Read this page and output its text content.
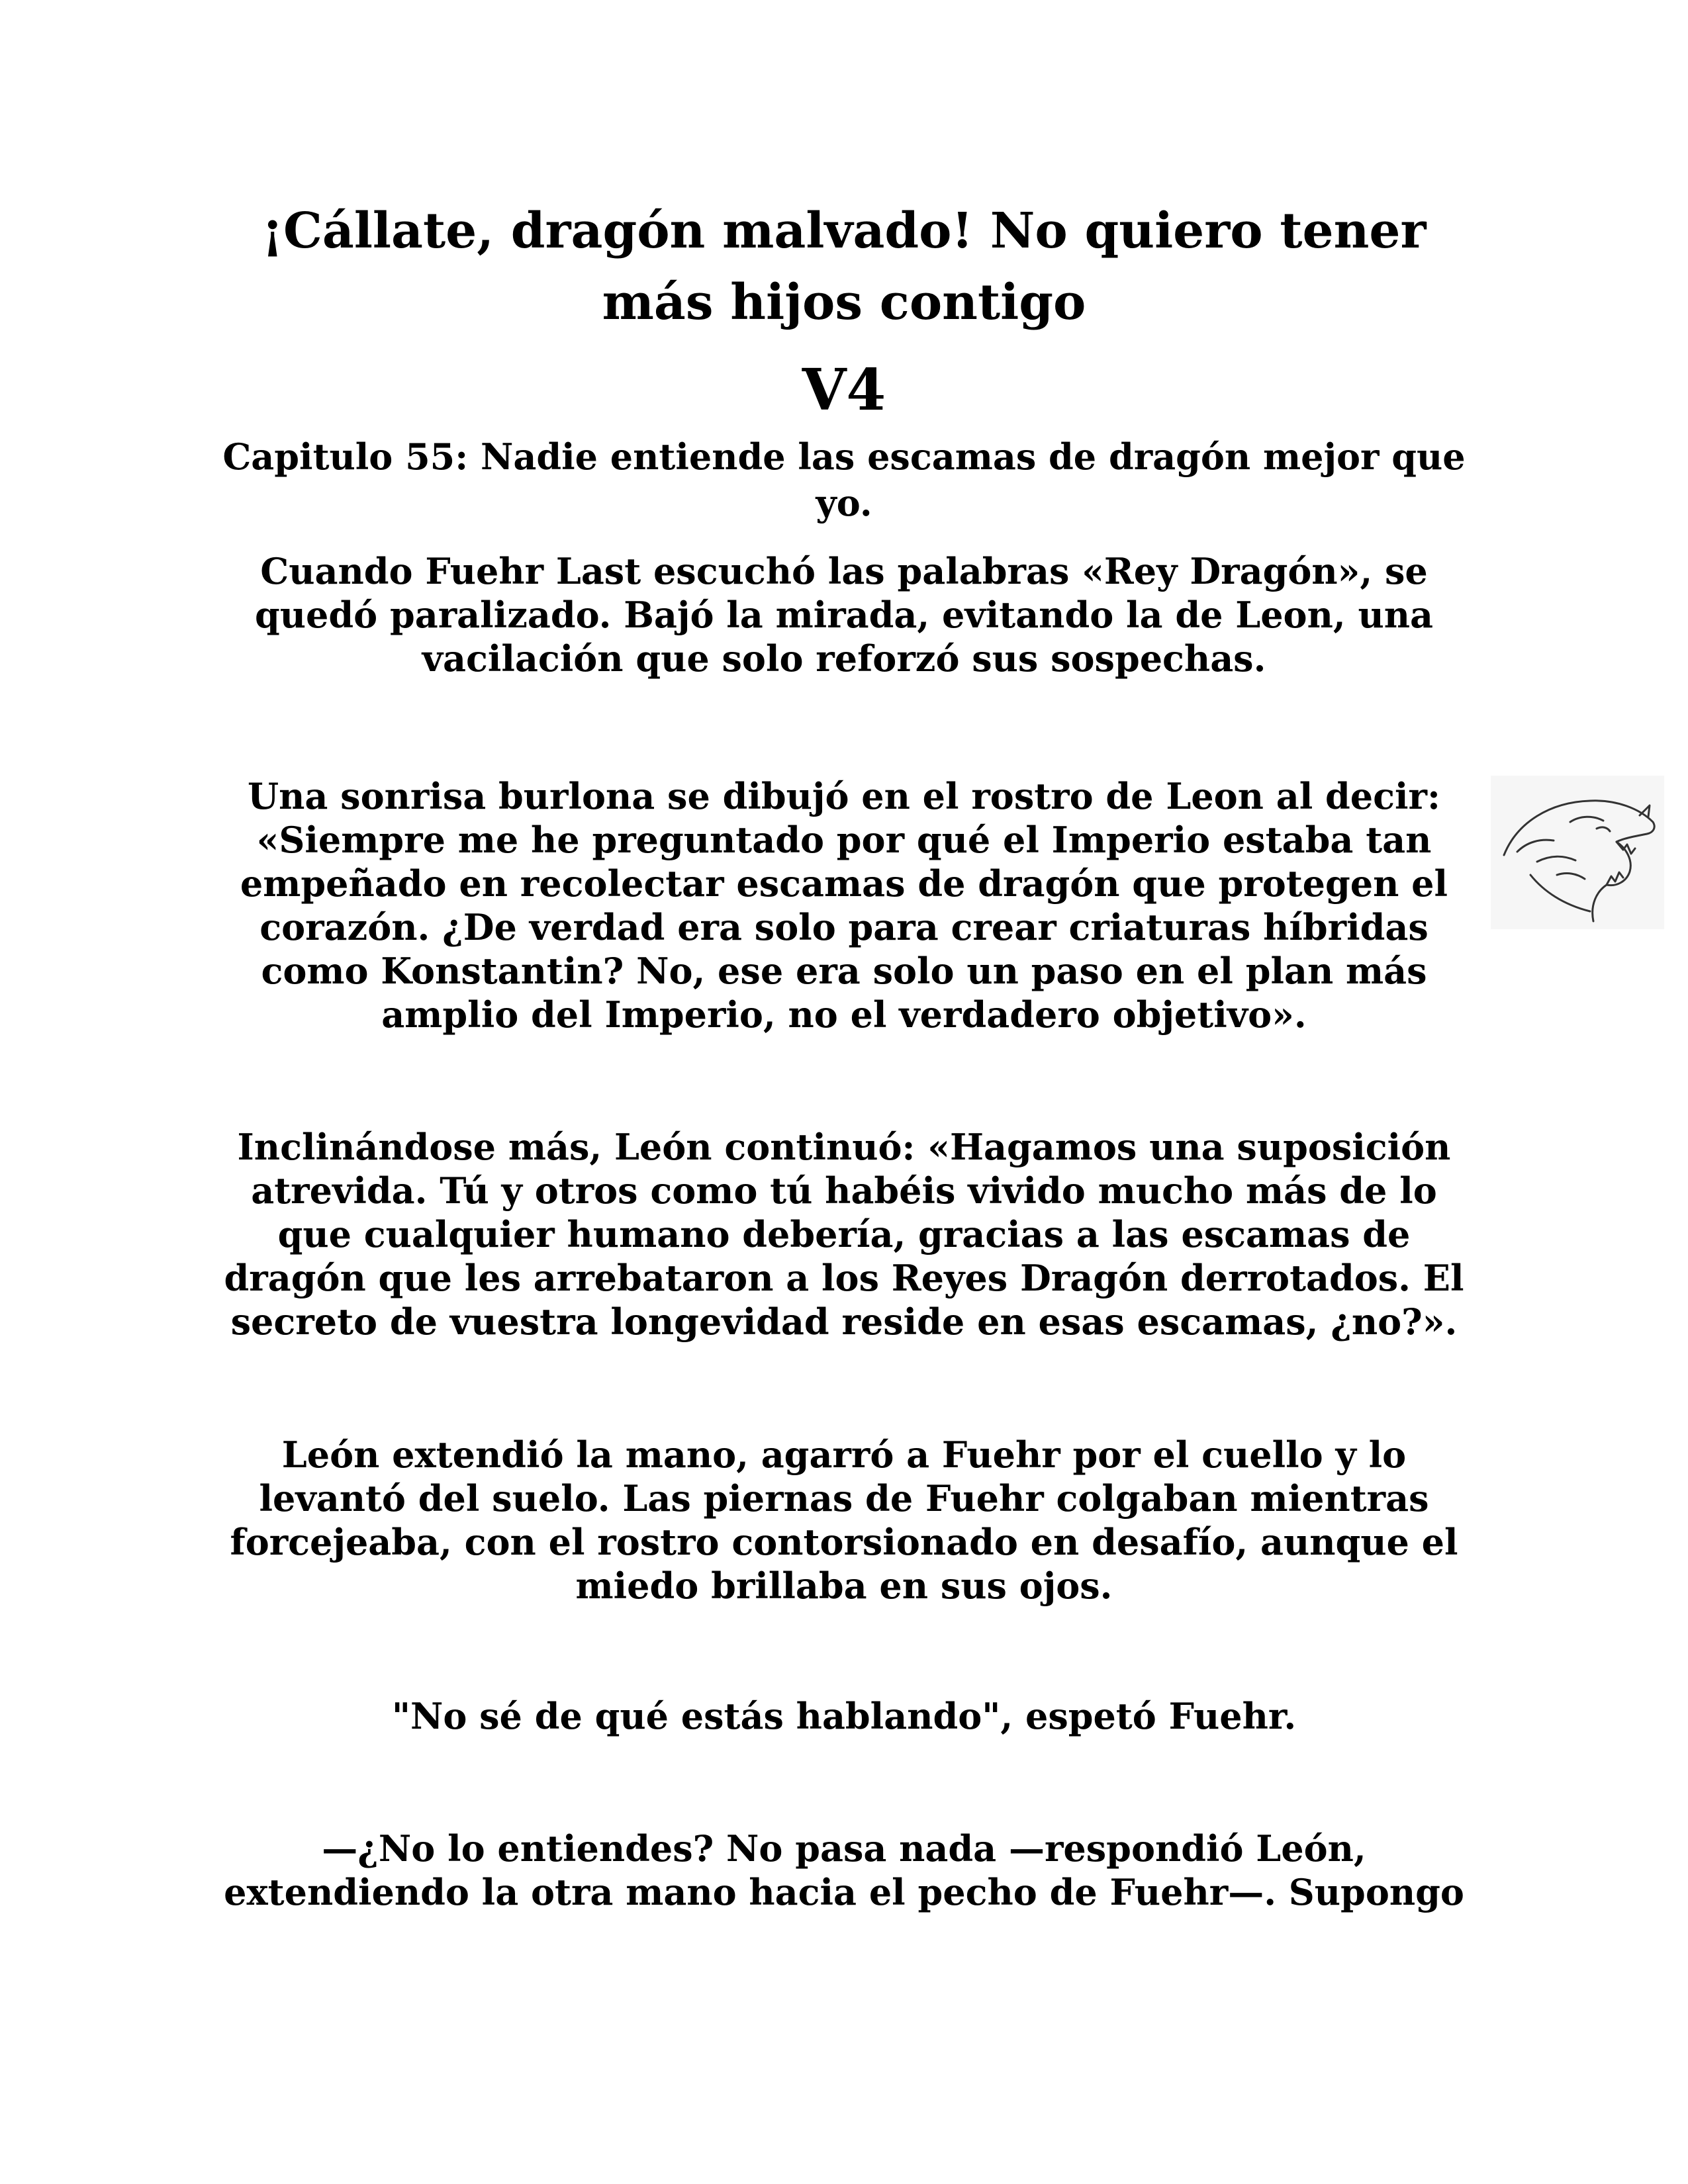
¡Cállate, dragón malvado! No quiero tener más hijos contigo
V4
Capitulo 55: Nadie entiende las escamas de dragón mejor que yo.

Cuando Fuehr Last escuchó las palabras «Rey Dragón», se quedó paralizado. Bajó la mirada, evitando la de Leon, una vacilación que solo reforzó sus sospechas.

Una sonrisa burlona se dibujó en el rostro de Leon al decir: «Siempre me he preguntado por qué el Imperio estaba tan empeñado en recolectar escamas de dragón que protegen el corazón. ¿De verdad era solo para crear criaturas híbridas como Konstantin? No, ese era solo un paso en el plan más amplio del Imperio, no el verdadero objetivo».

Inclinándose más, León continuó: «Hagamos una suposición atrevida. Tú y otros como tú habéis vivido mucho más de lo que cualquier humano debería, gracias a las escamas de dragón que les arrebataron a los Reyes Dragón derrotados. El secreto de vuestra longevidad reside en esas escamas, ¿no?».

León extendió la mano, agarró a Fuehr por el cuello y lo levantó del suelo. Las piernas de Fuehr colgaban mientras forcejeaba, con el rostro contorsionado en desafío, aunque el miedo brillaba en sus ojos.

"No sé de qué estás hablando", espetó Fuehr.

—¿No lo entiendes? No pasa nada —respondió León, extendiendo la otra mano hacia el pecho de Fuehr—. Supongo
